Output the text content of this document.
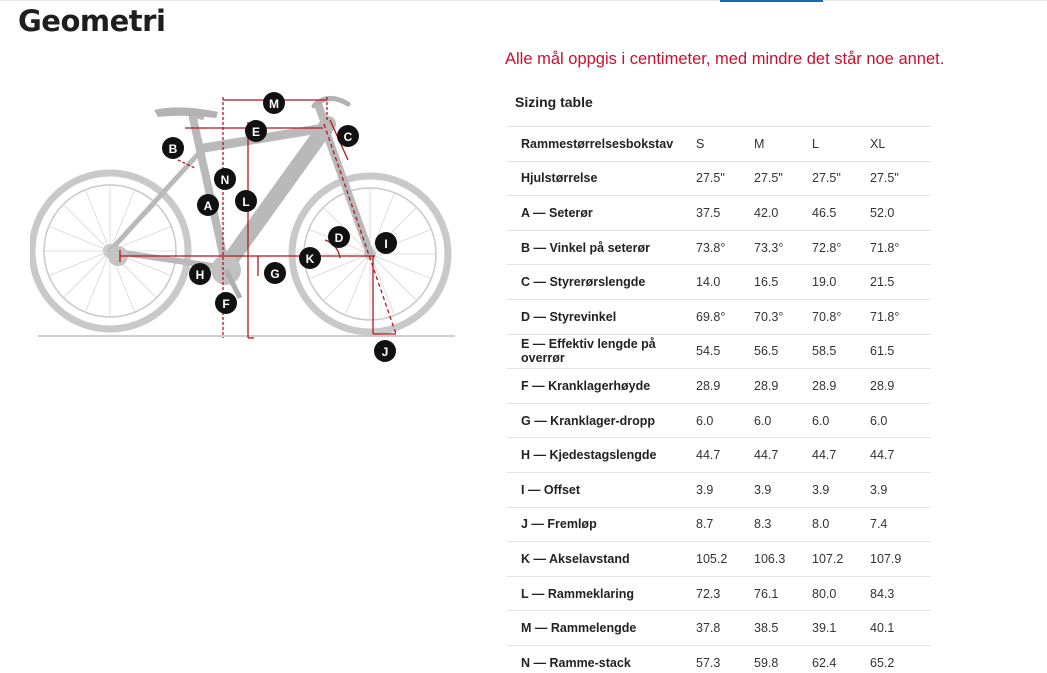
Geometri
Alle mål oppgis i centimeter, med mindre det står noe annet.
M
E	C
B
N
A L
D	I
H	G
K
F
J
Sizing table
Rammestørrelsesbokstav	S	M	L	XL
Hjulstørrelse	27.5"	27.5"	27.5"	27.5"
A — Seterør	37.5	42.0	46.5	52.0
B — Vinkel på seterør	73.8°	73.3°	72.8°	71.8°
C — Styrerørslengde	14.0	16.5	19.0	21.5
D — Styrevinkel	69.8°	70.3°	70.8°	71.8°
E — Effektiv lengde på overrør	54.5	56.5	58.5	61.5
F — Kranklagerhøyde	28.9	28.9	28.9	28.9
G — Kranklager-dropp	6.0	6.0	6.0	6.0
H — Kjedestagslengde	44.7	44.7	44.7	44.7
I — Offset	3.9	3.9	3.9	3.9
J — Fremløp	8.7	8.3	8.0	7.4
K — Akselavstand	105.2	106.3	107.2	107.9
L — Rammeklaring	72.3	76.1	80.0	84.3
M — Rammelengde	37.8	38.5	39.1	40.1
N — Ramme-stack	57.3	59.8	62.4	65.2
